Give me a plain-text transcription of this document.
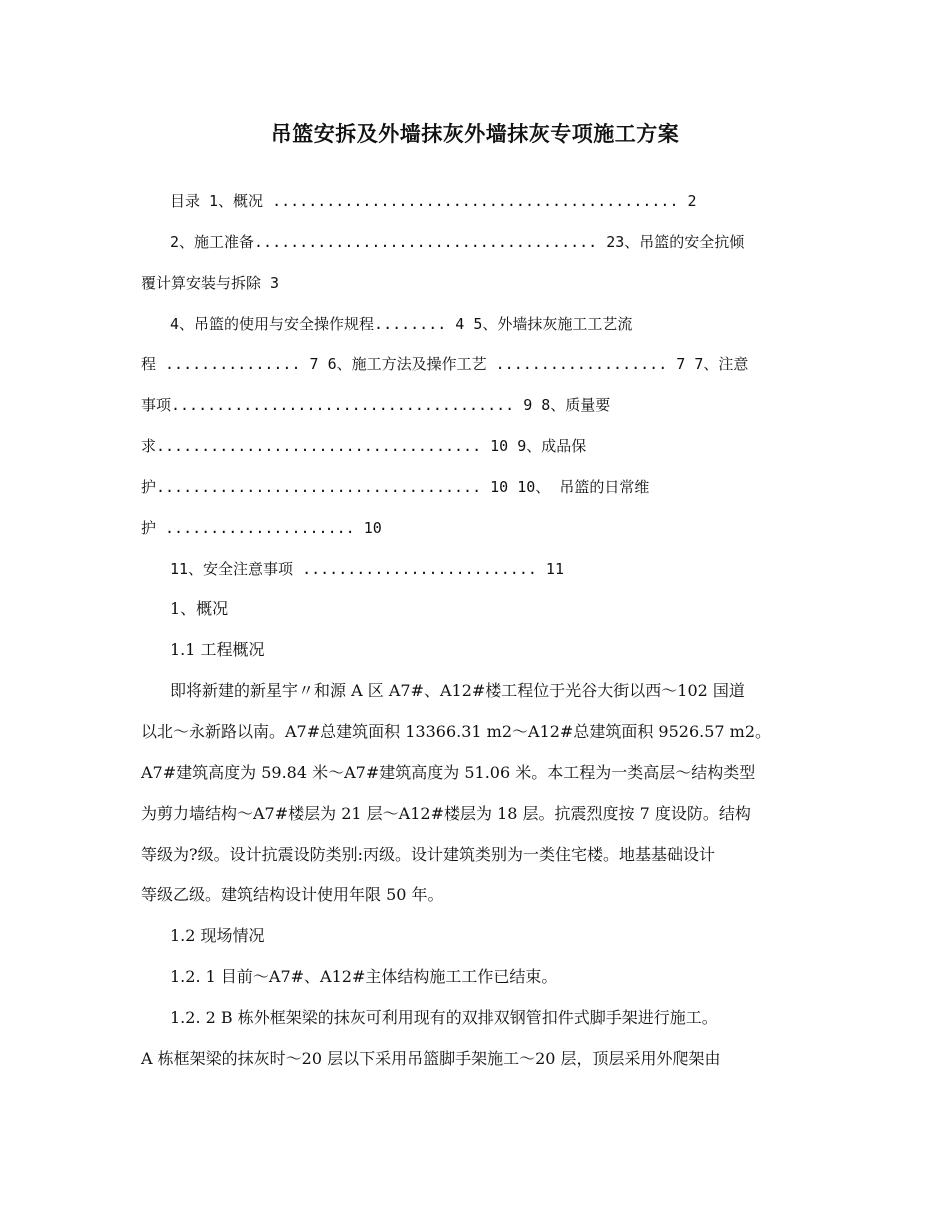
吊篮安拆及外墙抹灰外墙抹灰专项施工方案
目录 1、概况 ............................................. 2
2、施工准备...................................... 23、吊篮的安全抗倾
覆计算安装与拆除 3
4、吊篮的使用与安全操作规程........ 4 5、外墙抹灰施工工艺流
程 ............... 7 6、施工方法及操作工艺 ................... 7 7、注意
事项...................................... 9 8、质量要
求.................................... 10 9、成品保
护.................................... 10 10、 吊篮的日常维
护 ..................... 10
11、安全注意事项 .......................... 11
1、概况
1.1 工程概况
即将新建的新星宇〃和源 A 区 A7#、A12#楼工程位于光谷大街以西～102 国道
以北～永新路以南。A7#总建筑面积 13366.31 m2～A12#总建筑面积 9526.57 m2。
A7#建筑高度为 59.84 米～A7#建筑高度为 51.06 米。本工程为一类高层～结构类型
为剪力墙结构～A7#楼层为 21 层～A12#楼层为 18 层。抗震烈度按 7 度设防。结构
等级为?级。设计抗震设防类别:丙级。设计建筑类别为一类住宅楼。地基基础设计
等级乙级。建筑结构设计使用年限 50 年。
1.2 现场情况
1.2. 1 目前～A7#、A12#主体结构施工工作已结束。
1.2. 2 B 栋外框架梁的抹灰可利用现有的双排双钢管扣件式脚手架进行施工。
A 栋框架梁的抹灰时～20 层以下采用吊篮脚手架施工～20 层，顶层采用外爬架由
